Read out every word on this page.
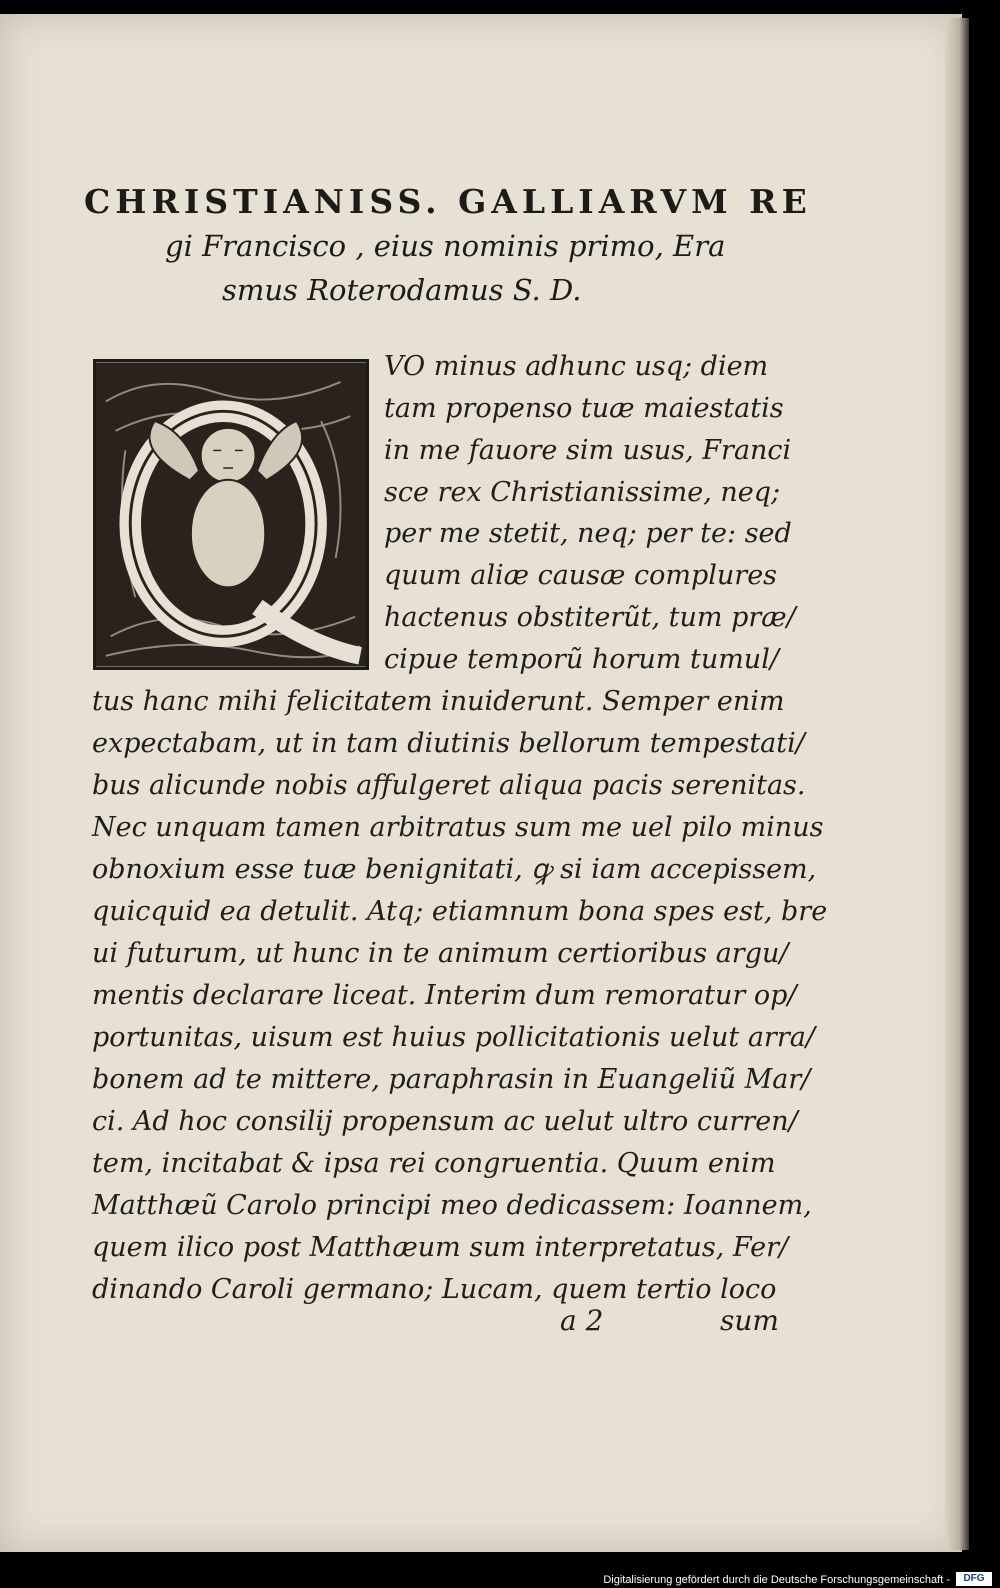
CHRISTIANISS. GALLIARVM RE
gi Francisco , eius nominis primo, Era
smus Roterodamus S. D.
VO minus adhunc usq; diem
tam propenso tuæ maiestatis
in me fauore sim usus, Franci
sce rex Christianissime, neq;
per me stetit, neq; per te: sed
quum aliæ causæ complures
hactenus obstiterũt, tum præ/
cipue temporũ horum tumul/
tus hanc mihi felicitatem inuiderunt. Semper enim
expectabam, ut in tam diutinis bellorum tempestati/
bus alicunde nobis affulgeret aliqua pacis serenitas.
Nec unquam tamen arbitratus sum me uel pilo minus
obnoxium esse tuæ benignitati, ꝙ si iam accepissem,
quicquid ea detulit. Atq; etiamnum bona spes est, bre
ui futurum, ut hunc in te animum certioribus argu/
mentis declarare liceat. Interim dum remoratur op/
portunitas, uisum est huius pollicitationis uelut arra/
bonem ad te mittere, paraphrasin in Euangeliũ Mar/
ci. Ad hoc consilij propensum ac uelut ultro curren/
tem, incitabat & ipsa rei congruentia. Quum enim
Matthæũ Carolo principi meo dedicassem: Ioannem,
quem ilico post Matthæum sum interpretatus, Fer/
dinando Caroli germano; Lucam, quem tertio loco
a 2	sum
Digitalisierung gefördert durch die Deutsche Forschungsgemeinschaft -	DFG
